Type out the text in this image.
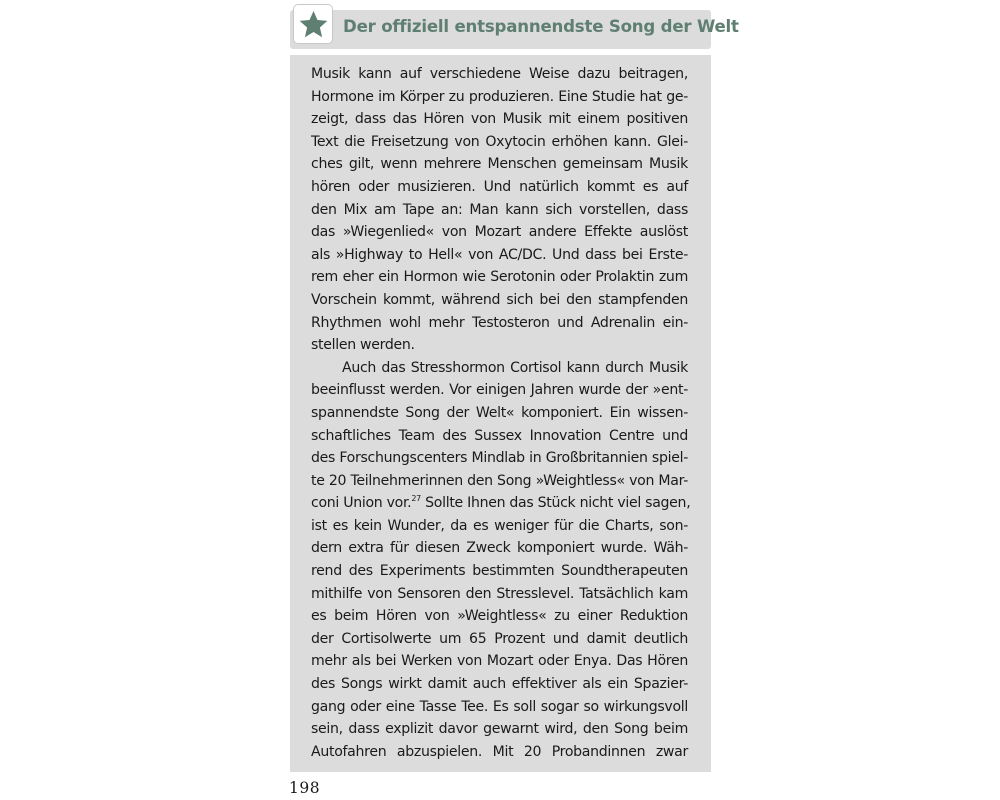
Der offiziell entspannendste Song der Welt
Musik kann auf verschiedene Weise dazu beitragen,
Hormone im Körper zu produzieren. Eine Studie hat ge-
zeigt, dass das Hören von Musik mit einem positiven
Text die Freisetzung von Oxytocin erhöhen kann. Glei-
ches gilt, wenn mehrere Menschen gemeinsam Musik
hören oder musizieren. Und natürlich kommt es auf
den Mix am Tape an: Man kann sich vorstellen, dass
das »Wiegenlied« von Mozart andere Effekte auslöst
als »Highway to Hell« von AC/DC. Und dass bei Erste-
rem eher ein Hormon wie Serotonin oder Prolaktin zum
Vorschein kommt, während sich bei den stampfenden
Rhythmen wohl mehr Testosteron und Adrenalin ein-
stellen werden.
Auch das Stresshormon Cortisol kann durch Musik
beeinflusst werden. Vor einigen Jahren wurde der »ent-
spannendste Song der Welt« komponiert. Ein wissen-
schaftliches Team des Sussex Innovation Centre und
des Forschungscenters Mindlab in Großbritannien spiel-
te 20 Teilnehmerinnen den Song »Weightless« von Mar-
coni Union vor.$^{27}$ Sollte Ihnen das Stück nicht viel sagen,
ist es kein Wunder, da es weniger für die Charts, son-
dern extra für diesen Zweck komponiert wurde. Wäh-
rend des Experiments bestimmten Soundtherapeuten
mithilfe von Sensoren den Stresslevel. Tatsächlich kam
es beim Hören von »Weightless« zu einer Reduktion
der Cortisolwerte um 65 Prozent und damit deutlich
mehr als bei Werken von Mozart oder Enya. Das Hören
des Songs wirkt damit auch effektiver als ein Spazier-
gang oder eine Tasse Tee. Es soll sogar so wirkungsvoll
sein, dass explizit davor gewarnt wird, den Song beim
Autofahren abzuspielen. Mit 20 Probandinnen zwar
198
